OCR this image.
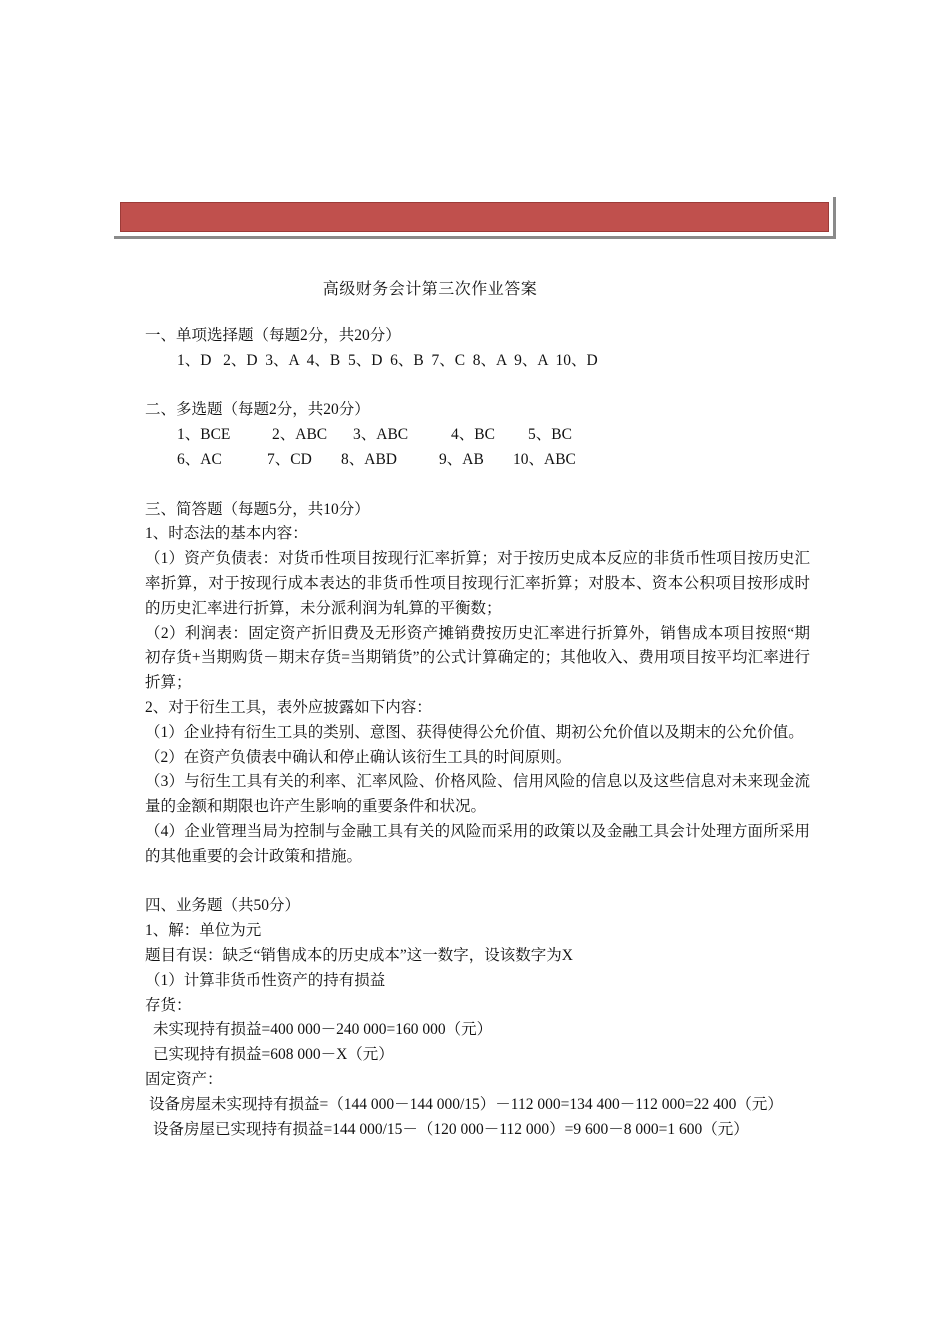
高级财务会计第三次作业答案
一、单项选择题（每题2分，共20分）
1、D   2、D  3、A  4、B  5、D  6、B  7、C  8、A  9、A  10、D
二、多选题（每题2分，共20分）
1、BCE	2、ABC	3、ABC	4、BC	5、BC
6、AC	7、CD	8、ABD	9、AB	10、ABC
三、简答题（每题5分，共10分）
1、时态法的基本内容：
（1）资产负债表：对货币性项目按现行汇率折算；对于按历史成本反应的非货币性项目按历史汇率折算，对于按现行成本表达的非货币性项目按现行汇率折算；对股本、资本公积项目按形成时的历史汇率进行折算，未分派利润为轧算的平衡数；
（2）利润表：固定资产折旧费及无形资产摊销费按历史汇率进行折算外，销售成本项目按照“期初存货+当期购货－期末存货=当期销货”的公式计算确定的；其他收入、费用项目按平均汇率进行折算；
2、对于衍生工具，表外应披露如下内容：
（1）企业持有衍生工具的类别、意图、获得使得公允价值、期初公允价值以及期末的公允价值。
（2）在资产负债表中确认和停止确认该衍生工具的时间原则。
（3）与衍生工具有关的利率、汇率风险、价格风险、信用风险的信息以及这些信息对未来现金流量的金额和期限也许产生影响的重要条件和状况。
（4）企业管理当局为控制与金融工具有关的风险而采用的政策以及金融工具会计处理方面所采用的其他重要的会计政策和措施。
四、业务题（共50分）
1、解：单位为元
题目有误：缺乏“销售成本的历史成本”这一数字，设该数字为X
（1）计算非货币性资产的持有损益
存货：
未实现持有损益=400 000－240 000=160 000（元）
已实现持有损益=608 000－X（元）
固定资产：
设备房屋未实现持有损益=（144 000－144 000/15）－112 000=134 400－112 000=22 400（元）
设备房屋已实现持有损益=144 000/15－（120 000－112 000）=9 600－8 000=1 600（元）
